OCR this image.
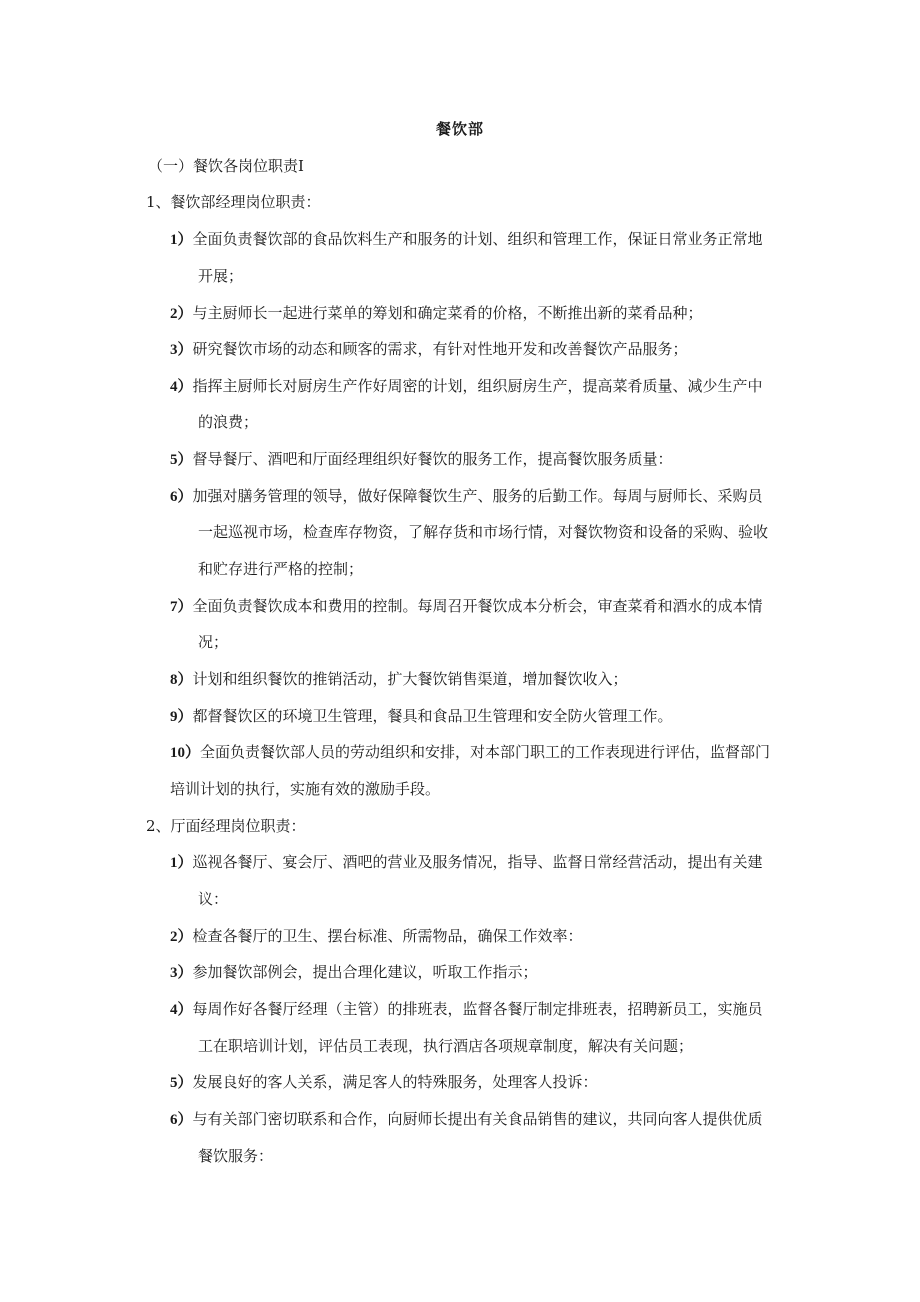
餐饮部
（一）餐饮各岗位职责I
1、餐饮部经理岗位职责：
1）全面负责餐饮部的食品饮料生产和服务的计划、组织和管理工作，保证日常业务正常地
开展；
2）与主厨师长一起进行菜单的筹划和确定菜肴的价格，不断推出新的菜肴品种；
3）研究餐饮市场的动态和顾客的需求，有针对性地开发和改善餐饮产品服务；
4）指挥主厨师长对厨房生产作好周密的计划，组织厨房生产，提高菜肴质量、减少生产中
的浪费；
5）督导餐厅、酒吧和厅面经理组织好餐饮的服务工作，提高餐饮服务质量：
6）加强对膳务管理的领导，做好保障餐饮生产、服务的后勤工作。每周与厨师长、采购员
一起巡视市场，检查库存物资，了解存货和市场行情，对餐饮物资和设备的采购、验收
和贮存进行严格的控制；
7）全面负责餐饮成本和费用的控制。每周召开餐饮成本分析会，审查菜肴和酒水的成本情
况；
8）计划和组织餐饮的推销活动，扩大餐饮销售渠道，增加餐饮收入；
9）都督餐饮区的环境卫生管理，餐具和食品卫生管理和安全防火管理工作。
10）全面负责餐饮部人员的劳动组织和安排，对本部门职工的工作表现进行评估，监督部门
培训计划的执行，实施有效的激励手段。
2、厅面经理岗位职责：
1）巡视各餐厅、宴会厅、酒吧的营业及服务情况，指导、监督日常经营活动，提出有关建
议：
2）检查各餐厅的卫生、摆台标准、所需物品，确保工作效率：
3）参加餐饮部例会，提出合理化建议，听取工作指示；
4）每周作好各餐厅经理（主管）的排班表，监督各餐厅制定排班表，招聘新员工，实施员
工在职培训计划，评估员工表现，执行酒店各项规章制度，解决有关问题；
5）发展良好的客人关系，满足客人的特殊服务，处理客人投诉：
6）与有关部门密切联系和合作，向厨师长提出有关食品销售的建议，共同向客人提供优质
餐饮服务：
